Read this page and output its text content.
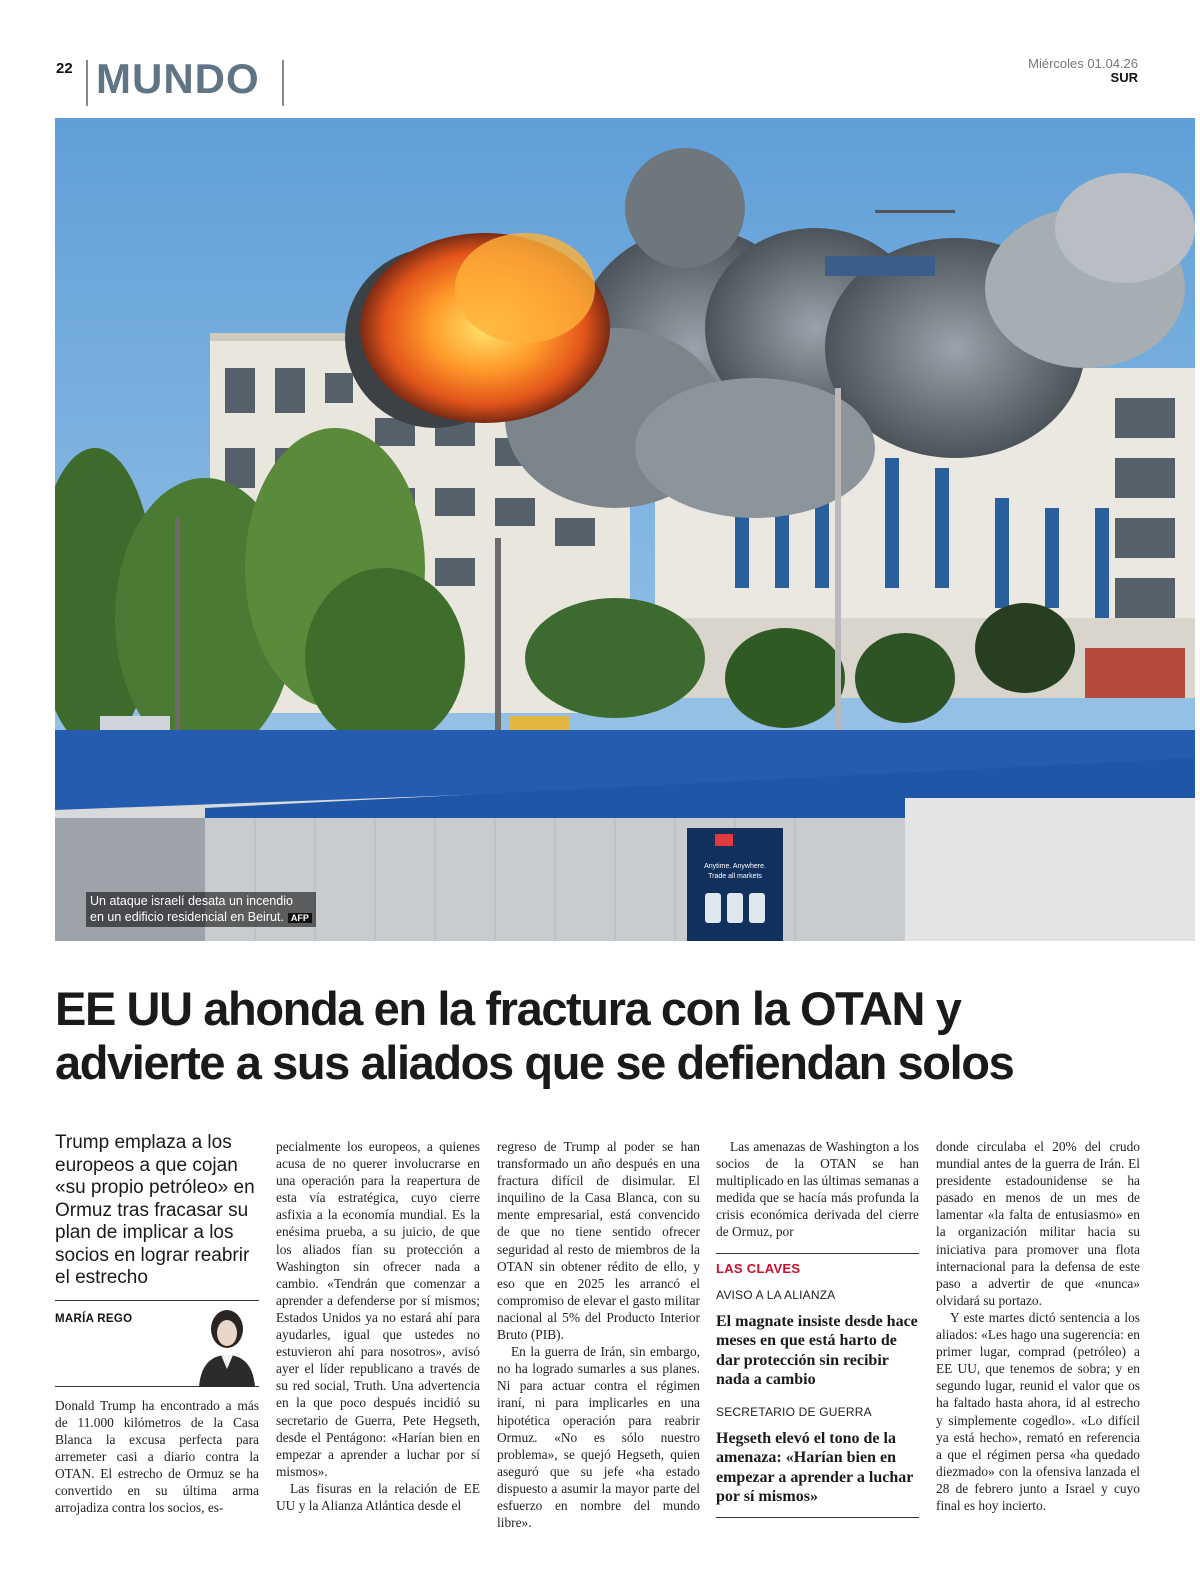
22 MUNDO	Miércoles 01.04.26
SUR
Anytime. Anywhere.
Trade all markets
Un ataque israelí desata un incendio
en un edificio residencial en Beirut. AFP
EE UU ahonda en la fractura con la OTAN y
advierte a sus aliados que se defiendan solos
Trump emplaza a los europeos a que cojan «su propio petróleo» en Ormuz tras fracasar su plan de implicar a los socios en lograr reabrir el estrecho
MARÍA REGO

Donald Trump ha encontrado a más de 11.000 kilómetros de la Casa Blanca la excusa perfecta para arremeter casi a diario contra la OTAN. El estrecho de Ormuz se ha convertido en su última arma arrojadiza contra los socios, es-

pecialmente los europeos, a quienes acusa de no querer involucrarse en una operación para la reapertura de esta vía estratégica, cuyo cierre asfixia a la economía mundial. Es la enésima prueba, a su juicio, de que los aliados fían su protección a Washington sin ofrecer nada a cambio. «Tendrán que comenzar a aprender a defenderse por sí mismos; Estados Unidos ya no estará ahí para ayudarles, igual que ustedes no estuvieron ahí para nosotros», avisó ayer el líder republicano a través de su red social, Truth. Una advertencia en la que poco después incidió su secretario de Guerra, Pete Hegseth, desde el Pentágono: «Harían bien en empezar a aprender a luchar por sí mismos».

Las fisuras en la relación de EE UU y la Alianza Atlántica desde el

regreso de Trump al poder se han transformado un año después en una fractura difícil de disimular. El inquilino de la Casa Blanca, con su mente empresarial, está convencido de que no tiene sentido ofrecer seguridad al resto de miembros de la OTAN sin obtener rédito de ello, y eso que en 2025 les arrancó el compromiso de elevar el gasto militar nacional al 5% del Producto Interior Bruto (PIB).

En la guerra de Irán, sin embargo, no ha logrado sumarles a sus planes. Ni para actuar contra el régimen iraní, ni para implicarles en una hipotética operación para reabrir Ormuz. «No es sólo nuestro problema», se quejó Hegseth, quien aseguró que su jefe «ha estado dispuesto a asumir la mayor parte del esfuerzo en nombre del mundo libre».

Las amenazas de Washington a los socios de la OTAN se han multiplicado en las últimas semanas a medida que se hacía más profunda la crisis económica derivada del cierre de Ormuz, por

LAS CLAVES
AVISO A LA ALIANZA
El magnate insiste desde hace meses en que está harto de dar protección sin recibir nada a cambio
SECRETARIO DE GUERRA
Hegseth elevó el tono de la amenaza: «Harían bien en empezar a aprender a luchar por sí mismos»

donde circulaba el 20% del crudo mundial antes de la guerra de Irán. El presidente estadounidense se ha pasado en menos de un mes de lamentar «la falta de entusiasmo» en la organización militar hacia su iniciativa para promover una flota internacional para la defensa de este paso a advertir de que «nunca» olvidará su portazo.

Y este martes dictó sentencia a los aliados: «Les hago una sugerencia: en primer lugar, comprad (petróleo) a EE UU, que tenemos de sobra; y en segundo lugar, reunid el valor que os ha faltado hasta ahora, id al estrecho y simplemente cogedlo». «Lo difícil ya está hecho», remató en referencia a que el régimen persa «ha quedado diezmado» con la ofensiva lanzada el 28 de febrero junto a Israel y cuyo final es hoy incierto.
